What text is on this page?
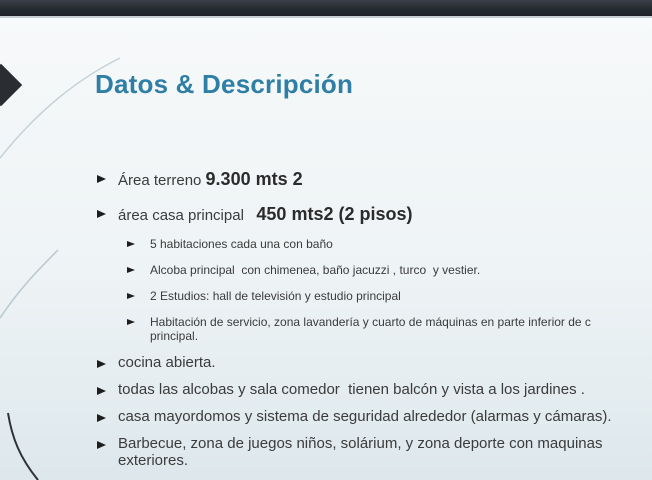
Datos & Descripción
Área terreno 9.300 mts 2
área casa principal   450 mts2 (2 pisos)
5 habitaciones cada una con baño
Alcoba principal  con chimenea, baño jacuzzi , turco  y vestier.
2 Estudios: hall de televisión y estudio principal
Habitación de servicio, zona lavandería y cuarto de máquinas en parte inferior de c
principal.
cocina abierta.
todas las alcobas y sala comedor  tienen balcón y vista a los jardines .
casa mayordomos y sistema de seguridad alrededor (alarmas y cámaras).
Barbecue, zona de juegos niños, solárium, y zona deporte con maquinas
exteriores.
